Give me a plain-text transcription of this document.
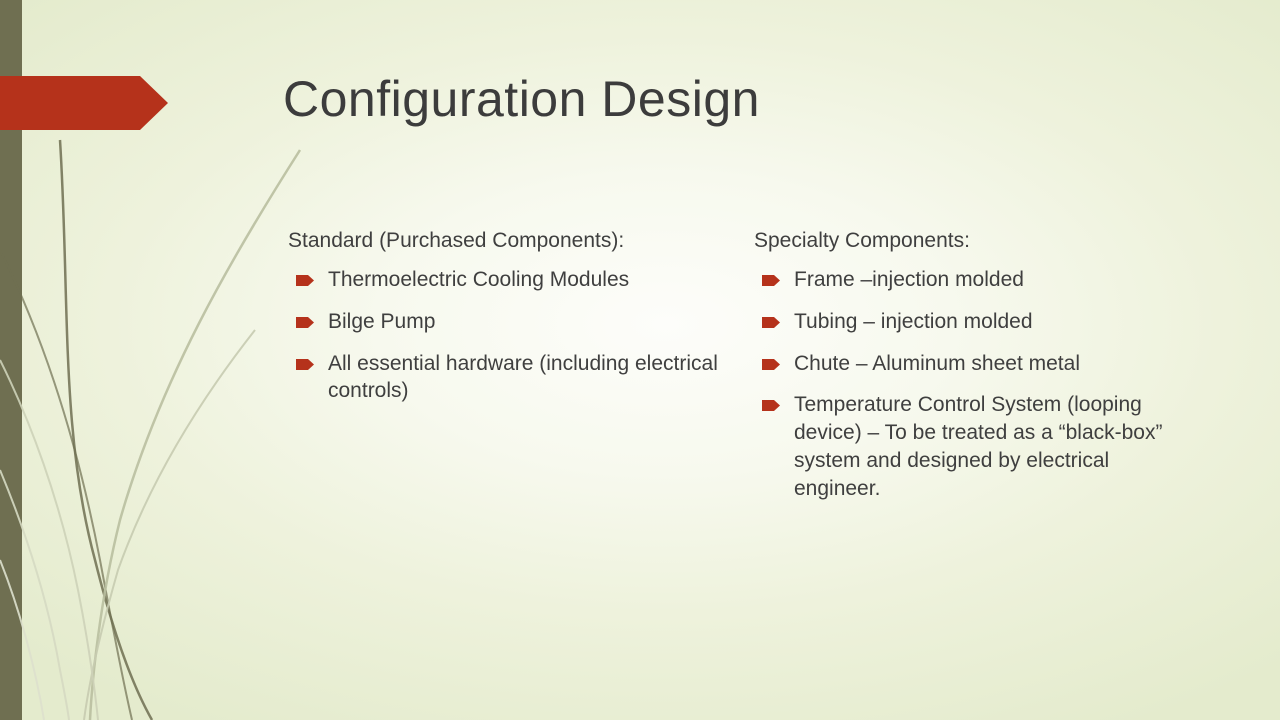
Configuration Design
Standard (Purchased Components):
Thermoelectric Cooling Modules
Bilge Pump
All essential hardware (including electrical controls)
Specialty Components:
Frame –injection molded
Tubing – injection molded
Chute – Aluminum sheet metal
Temperature Control System (looping device) – To be treated as a “black-box” system and designed by electrical engineer.
